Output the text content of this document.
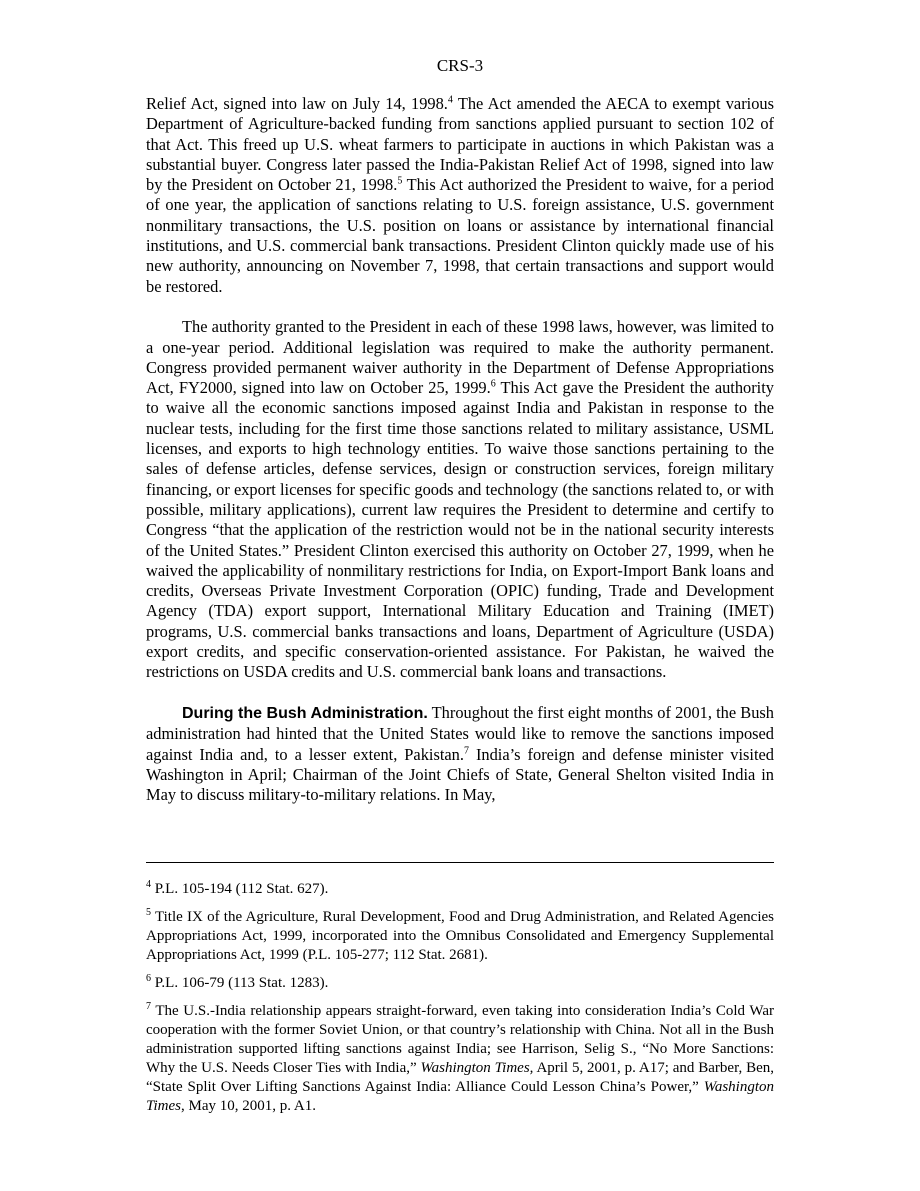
CRS-3

Relief Act, signed into law on July 14, 1998.$^4$ The Act amended the AECA to exempt various Department of Agriculture-backed funding from sanctions applied pursuant to section 102 of that Act. This freed up U.S. wheat farmers to participate in auctions in which Pakistan was a substantial buyer. Congress later passed the India-Pakistan Relief Act of 1998, signed into law by the President on October 21, 1998.$^5$ This Act authorized the President to waive, for a period of one year, the application of sanctions relating to U.S. foreign assistance, U.S. government nonmilitary transactions, the U.S. position on loans or assistance by international financial institutions, and U.S. commercial bank transactions. President Clinton quickly made use of his new authority, announcing on November 7, 1998, that certain transactions and support would be restored.

The authority granted to the President in each of these 1998 laws, however, was limited to a one-year period. Additional legislation was required to make the authority permanent. Congress provided permanent waiver authority in the Department of Defense Appropriations Act, FY2000, signed into law on October 25, 1999.$^6$ This Act gave the President the authority to waive all the economic sanctions imposed against India and Pakistan in response to the nuclear tests, including for the first time those sanctions related to military assistance, USML licenses, and exports to high technology entities. To waive those sanctions pertaining to the sales of defense articles, defense services, design or construction services, foreign military financing, or export licenses for specific goods and technology (the sanctions related to, or with possible, military applications), current law requires the President to determine and certify to Congress “that the application of the restriction would not be in the national security interests of the United States.” President Clinton exercised this authority on October 27, 1999, when he waived the applicability of nonmilitary restrictions for India, on Export-Import Bank loans and credits, Overseas Private Investment Corporation (OPIC) funding, Trade and Development Agency (TDA) export support, International Military Education and Training (IMET) programs, U.S. commercial banks transactions and loans, Department of Agriculture (USDA) export credits, and specific conservation-oriented assistance. For Pakistan, he waived the restrictions on USDA credits and U.S. commercial bank loans and transactions.

During the Bush Administration. Throughout the first eight months of 2001, the Bush administration had hinted that the United States would like to remove the sanctions imposed against India and, to a lesser extent, Pakistan.$^7$ India’s foreign and defense minister visited Washington in April; Chairman of the Joint Chiefs of State, General Shelton visited India in May to discuss military-to-military relations. In May,

$^4$ P.L. 105-194 (112 Stat. 627).

$^5$ Title IX of the Agriculture, Rural Development, Food and Drug Administration, and Related Agencies Appropriations Act, 1999, incorporated into the Omnibus Consolidated and Emergency Supplemental Appropriations Act, 1999 (P.L. 105-277; 112 Stat. 2681).

$^6$ P.L. 106-79 (113 Stat. 1283).

$^7$ The U.S.-India relationship appears straight-forward, even taking into consideration India’s Cold War cooperation with the former Soviet Union, or that country’s relationship with China. Not all in the Bush administration supported lifting sanctions against India; see Harrison, Selig S., “No More Sanctions: Why the U.S. Needs Closer Ties with India,” Washington Times, April 5, 2001, p. A17; and Barber, Ben, “State Split Over Lifting Sanctions Against India: Alliance Could Lesson China’s Power,” Washington Times, May 10, 2001, p. A1.
